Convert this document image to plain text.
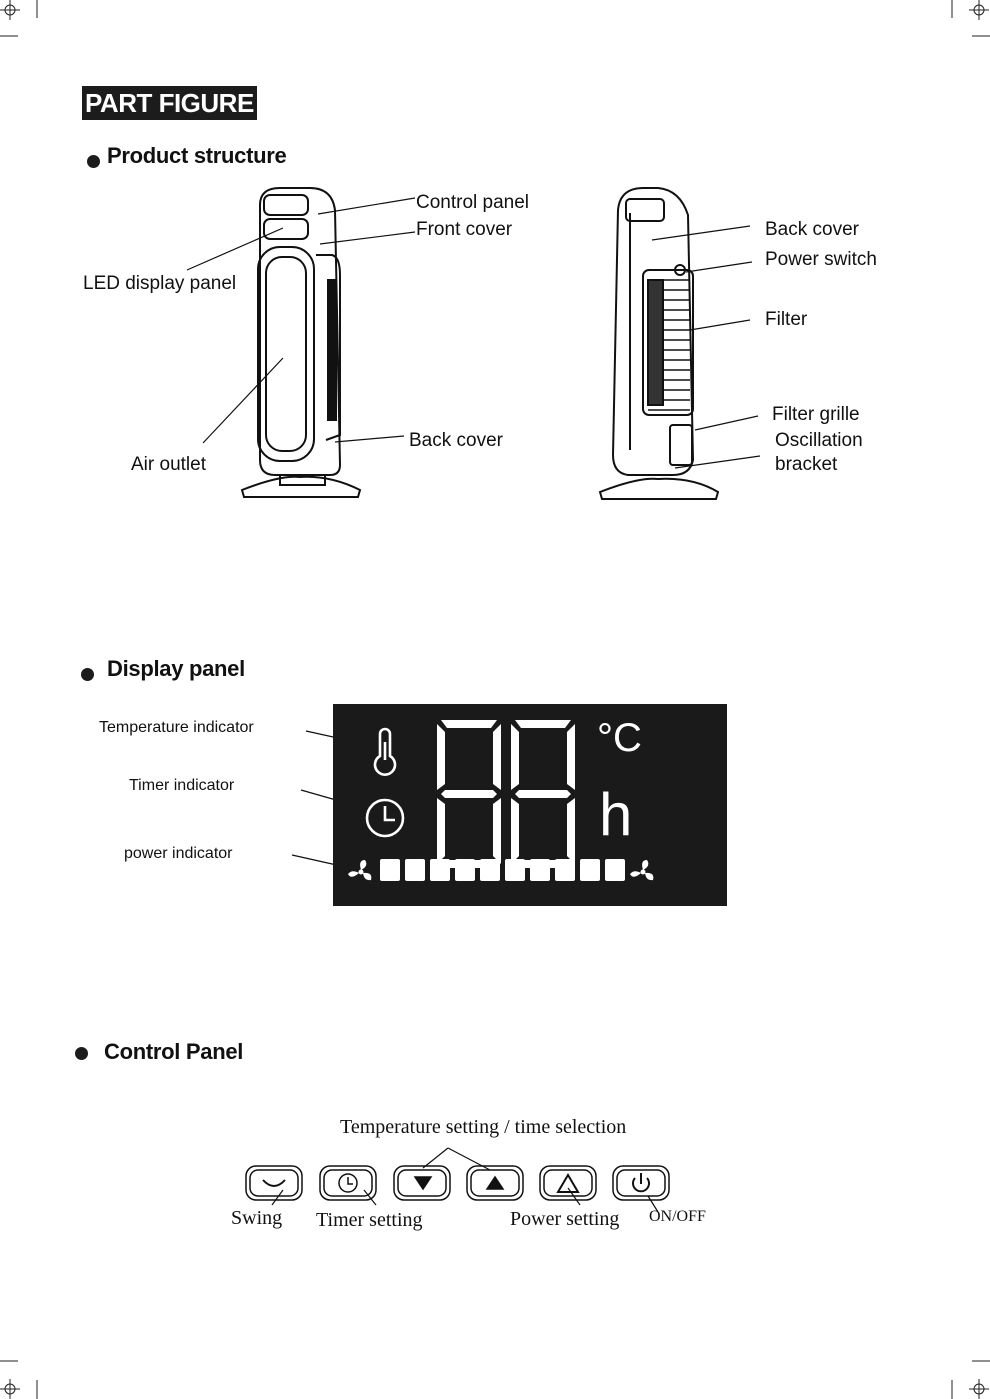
PART FIGURE
Product structure
Control panel
Front cover
LED display panel
Back cover
Air outlet
Back cover
Power switch
Filter
Filter grille
Oscillation
bracket
Display panel
Temperature indicator
Timer indicator
power indicator
°C
h
Control Panel
Temperature setting / time selection
Swing Timer setting	Power setting ON/OFF
